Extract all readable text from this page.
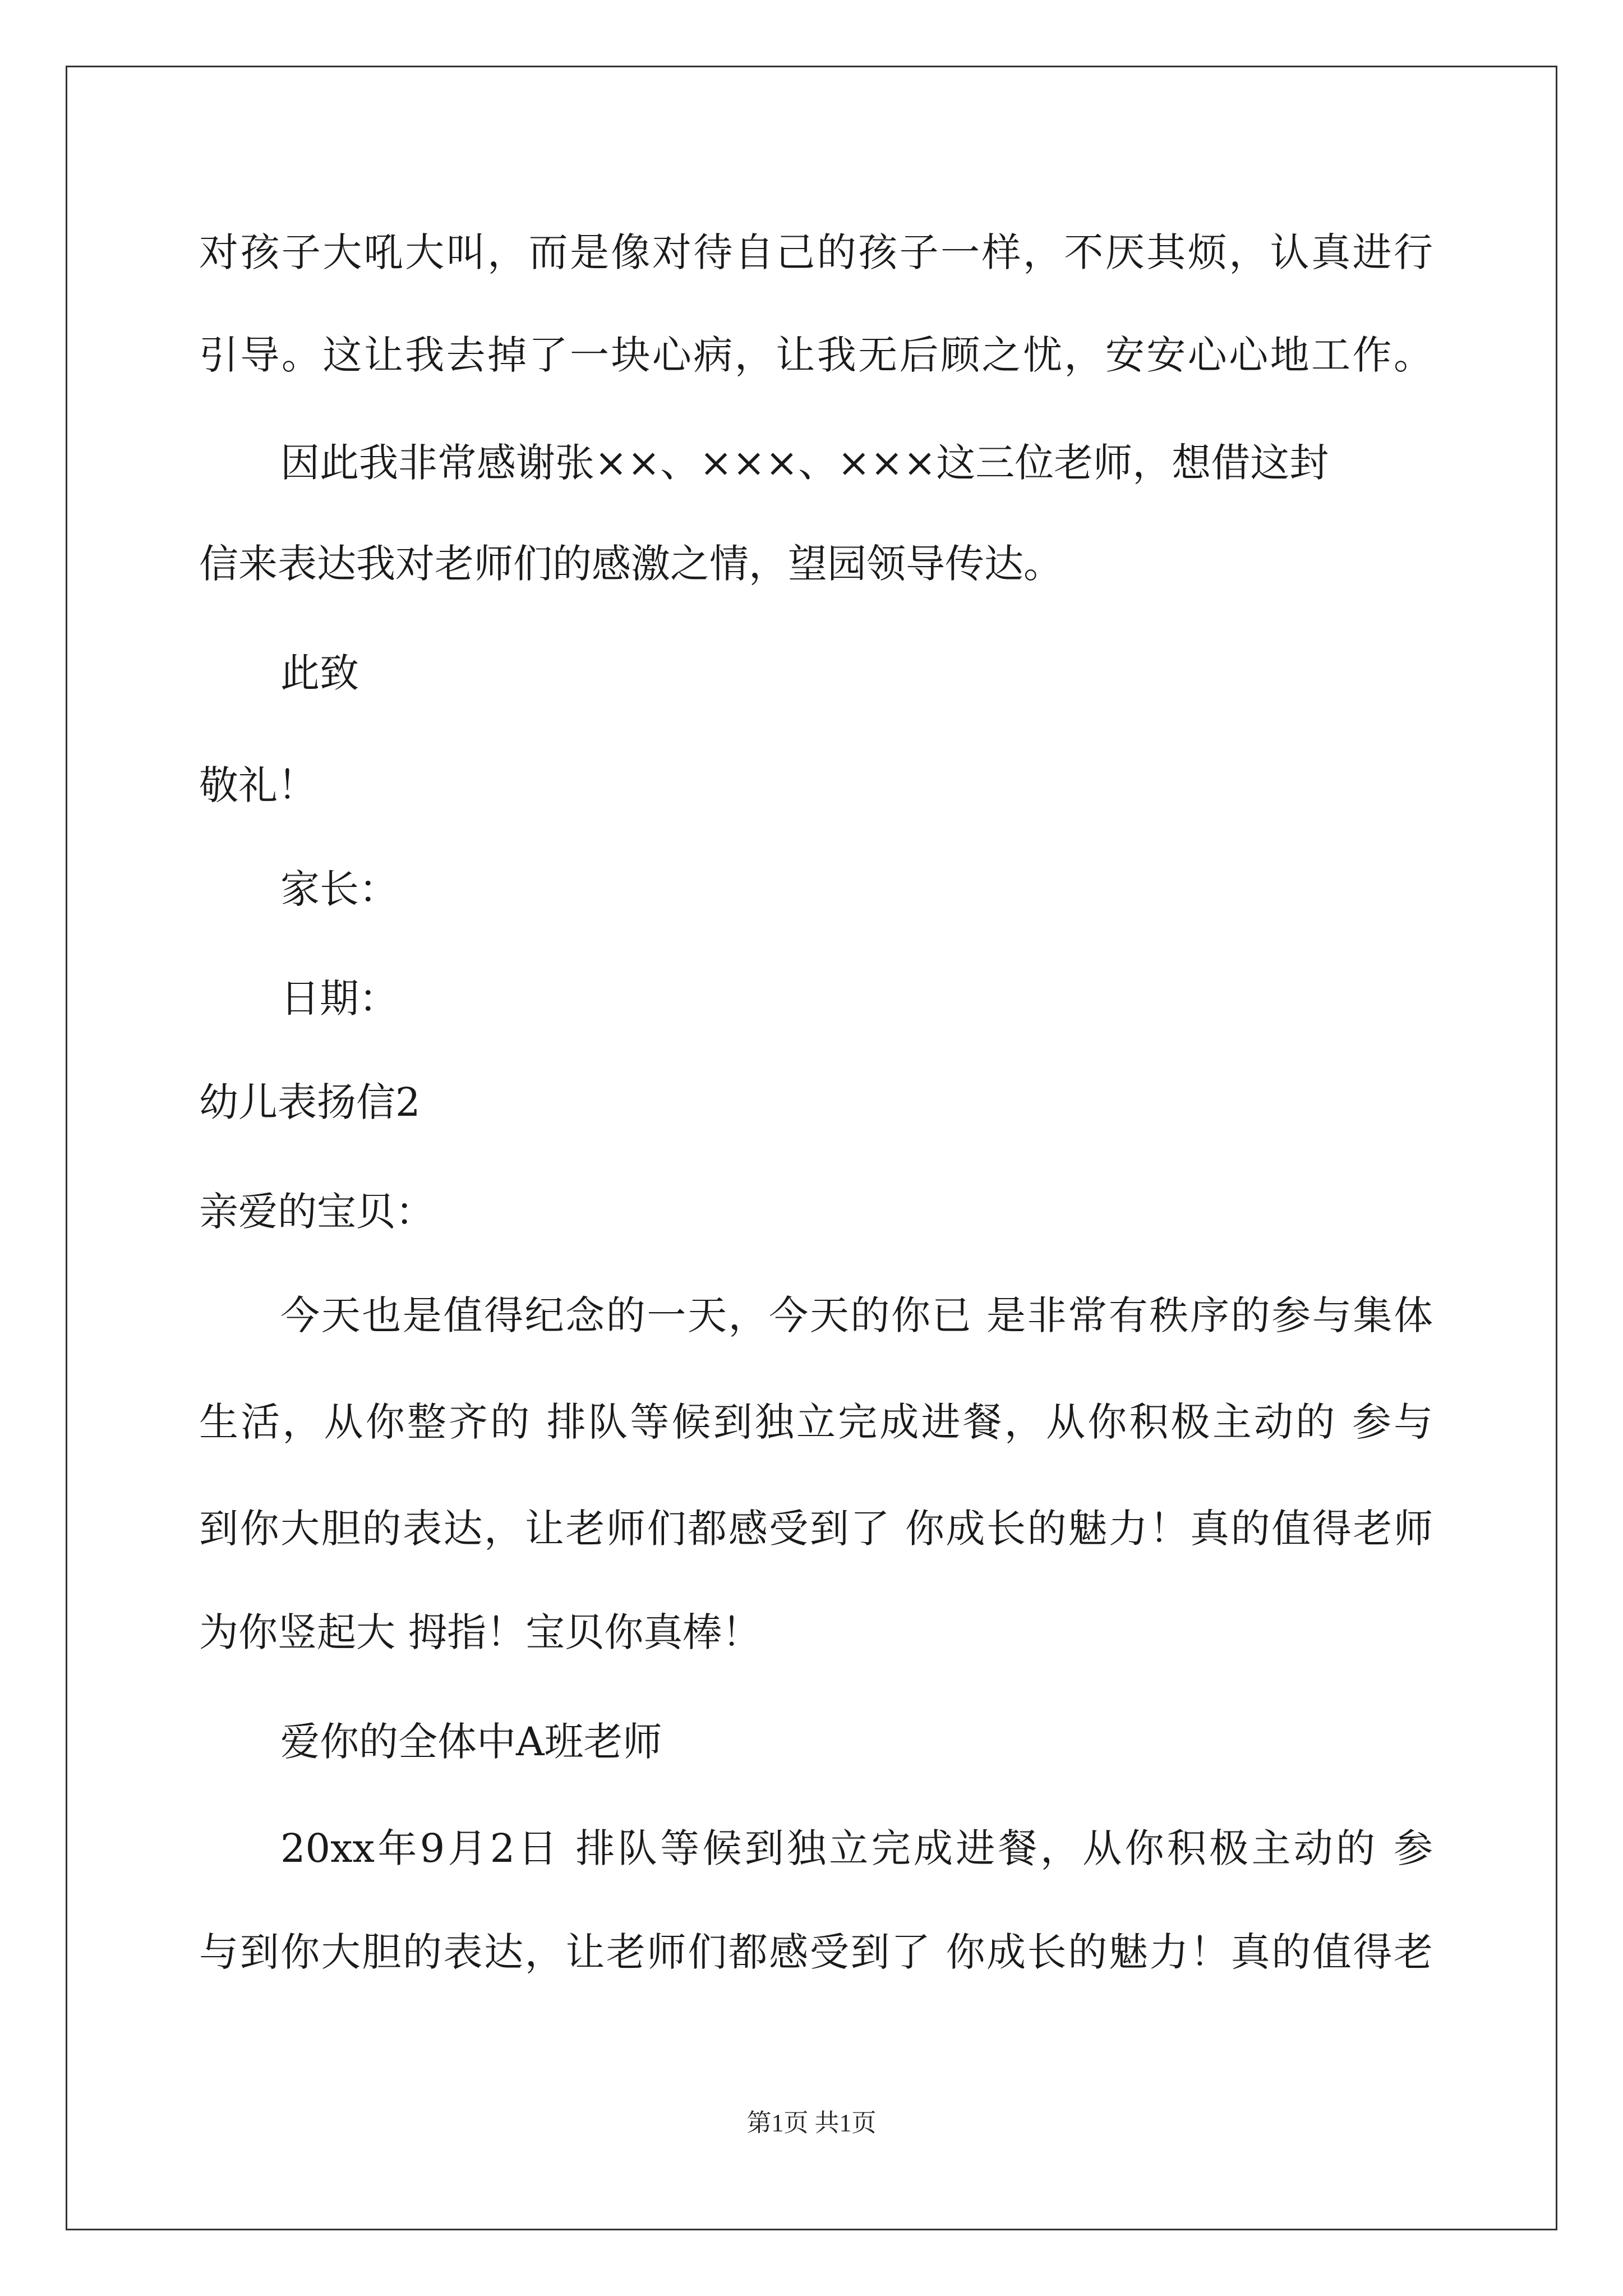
对孩子大吼大叫，而是像对待自己的孩子一样，不厌其烦，认真进行
引导。这让我去掉了一块心病，让我无后顾之忧，安安心心地工作。
因此我非常感谢张××、×××、×××这三位老师，想借这封
信来表达我对老师们的感激之情，望园领导传达。
此致
敬礼！
家长：
日期：
幼儿表扬信2
亲爱的宝贝：
今天也是值得纪念的一天，今天的你已 是非常有秩序的参与集体
生活，从你整齐的 排队等候到独立完成进餐，从你积极主动的 参与
到你大胆的表达，让老师们都感受到了 你成长的魅力！真的值得老师
为你竖起大 拇指！宝贝你真棒！
爱你的全体中A班老师
20xx年9月2日 排队等候到独立完成进餐，从你积极主动的 参
与到你大胆的表达，让老师们都感受到了 你成长的魅力！真的值得老
第1页 共1页
